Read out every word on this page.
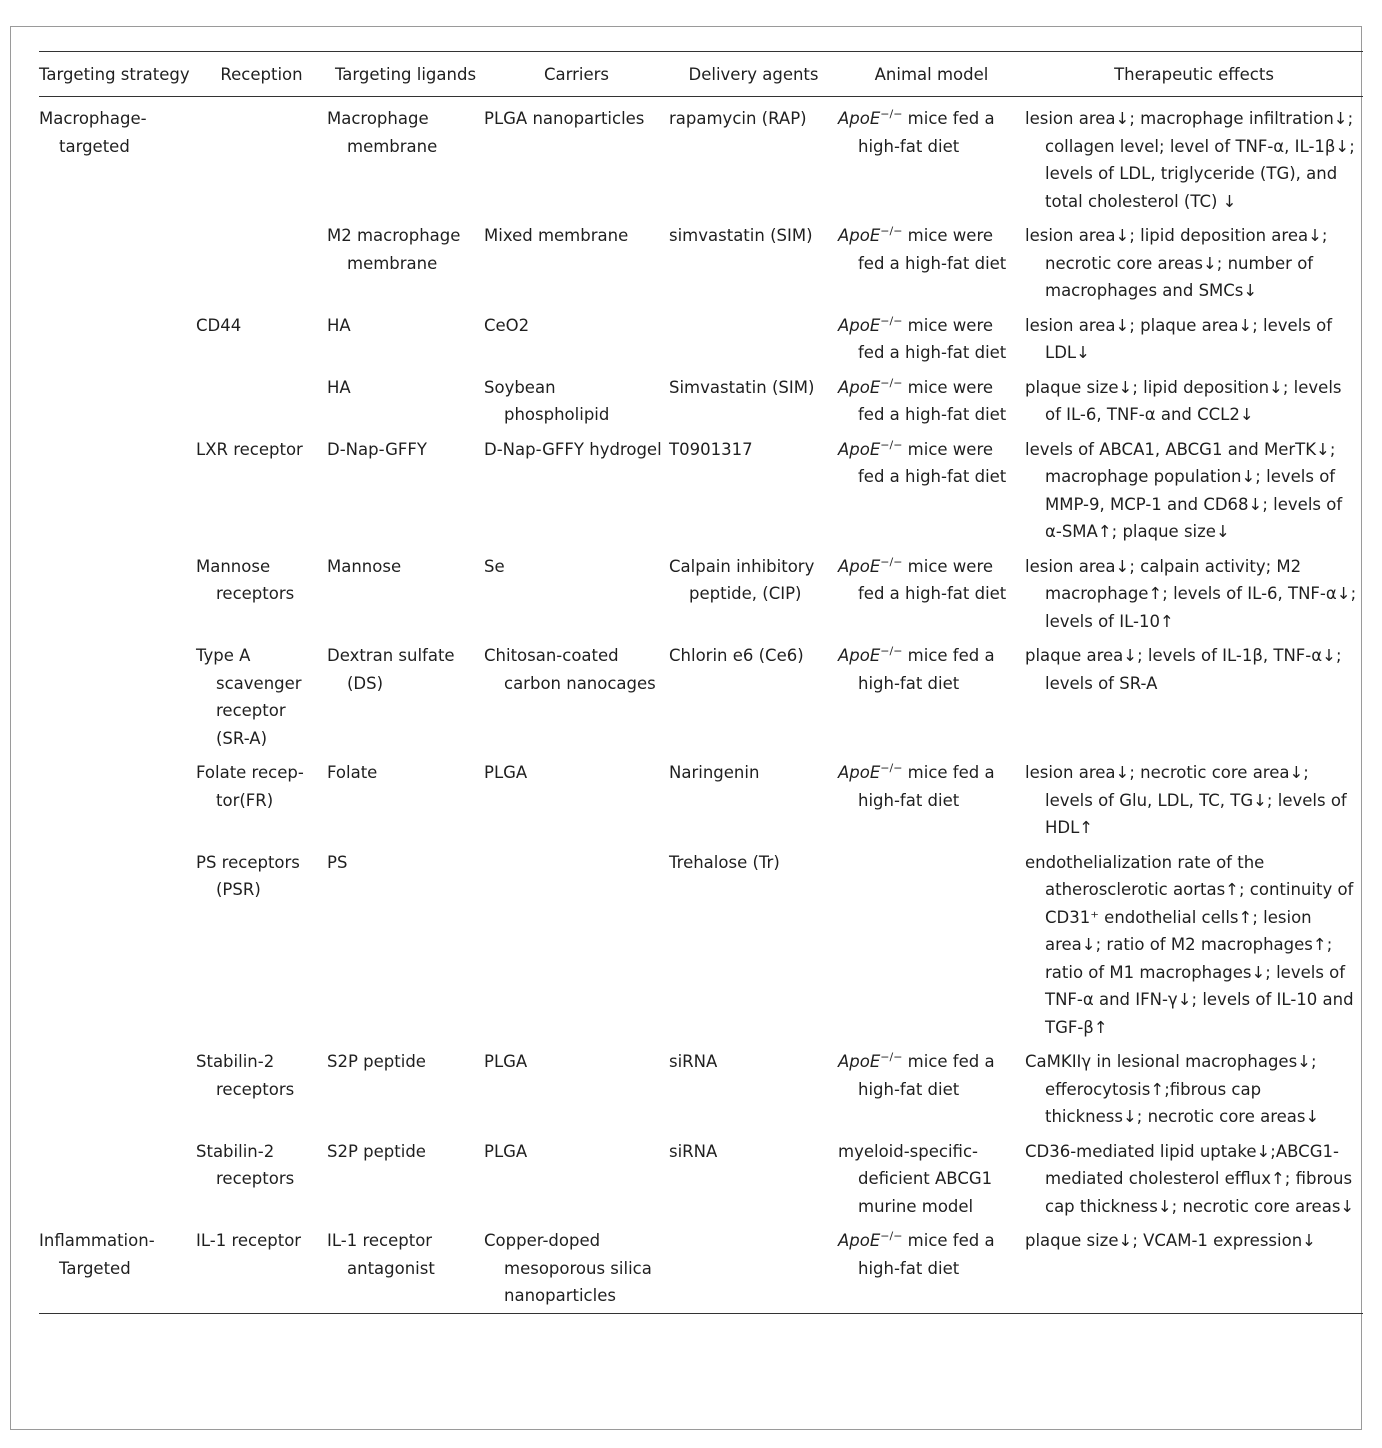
Targeting strategy	Reception	Targeting ligands	Carriers	Delivery agents	Animal model	Therapeutic effects

Macrophage-targeted		Macrophage membrane	PLGA nanoparticles	rapamycin (RAP)	ApoE−/− mice fed a high-fat diet	lesion area↓; macrophage infiltration↓; collagen level; level of TNF-α, IL-1β↓; levels of LDL, triglyceride (TG), and total cholesterol (TC) ↓

		M2 macrophage membrane	Mixed membrane	simvastatin (SIM)	ApoE−/− mice were fed a high-fat diet	lesion area↓; lipid deposition area↓; necrotic core areas↓; number of macrophages and SMCs↓

	CD44	HA	CeO2		ApoE−/− mice were fed a high-fat diet	lesion area↓; plaque area↓; levels of LDL↓

		HA	Soybean phospholipid	Simvastatin (SIM)	ApoE−/− mice were fed a high-fat diet	plaque size↓; lipid deposition↓; levels of IL-6, TNF-α and CCL2↓

	LXR receptor	D-Nap-GFFY	D-Nap-GFFY hydrogel	T0901317	ApoE−/− mice were fed a high-fat diet	levels of ABCA1, ABCG1 and MerTK↓; macrophage population↓; levels of MMP-9, MCP-1 and CD68↓; levels of α-SMA↑; plaque size↓

	Mannose receptors	Mannose	Se	Calpain inhibitory peptide, (CIP)	ApoE−/− mice were fed a high-fat diet	lesion area↓; calpain activity; M2 macrophage↑; levels of IL-6, TNF-α↓; levels of IL-10↑

	Type A scavenger receptor (SR-A)	Dextran sulfate (DS)	Chitosan-coated carbon nanocages	Chlorin e6 (Ce6)	ApoE−/− mice fed a high-fat diet	plaque area↓; levels of IL-1β, TNF-α↓; levels of SR-A

	Folate recep-tor(FR)	Folate	PLGA	Naringenin	ApoE−/− mice fed a high-fat diet	lesion area↓; necrotic core area↓; levels of Glu, LDL, TC, TG↓; levels of HDL↑

	PS receptors (PSR)	PS		Trehalose (Tr)		endothelialization rate of the atherosclerotic aortas↑; continuity of CD31⁺ endothelial cells↑; lesion area↓; ratio of M2 macrophages↑; ratio of M1 macrophages↓; levels of TNF-α and IFN-γ↓; levels of IL-10 and TGF-β↑

	Stabilin-2 receptors	S2P peptide	PLGA	siRNA	ApoE−/− mice fed a high-fat diet	CaMKIIγ in lesional macrophages↓; efferocytosis↑;fibrous cap thickness↓; necrotic core areas↓

	Stabilin-2 receptors	S2P peptide	PLGA	siRNA	myeloid-specific-deficient ABCG1 murine model	CD36-mediated lipid uptake↓;ABCG1-mediated cholesterol efflux↑; fibrous cap thickness↓; necrotic core areas↓

Inflammation-Targeted	IL-1 receptor	IL-1 receptor antagonist	Copper-doped mesoporous silica nanoparticles		ApoE−/− mice fed a high-fat diet	plaque size↓; VCAM-1 expression↓
